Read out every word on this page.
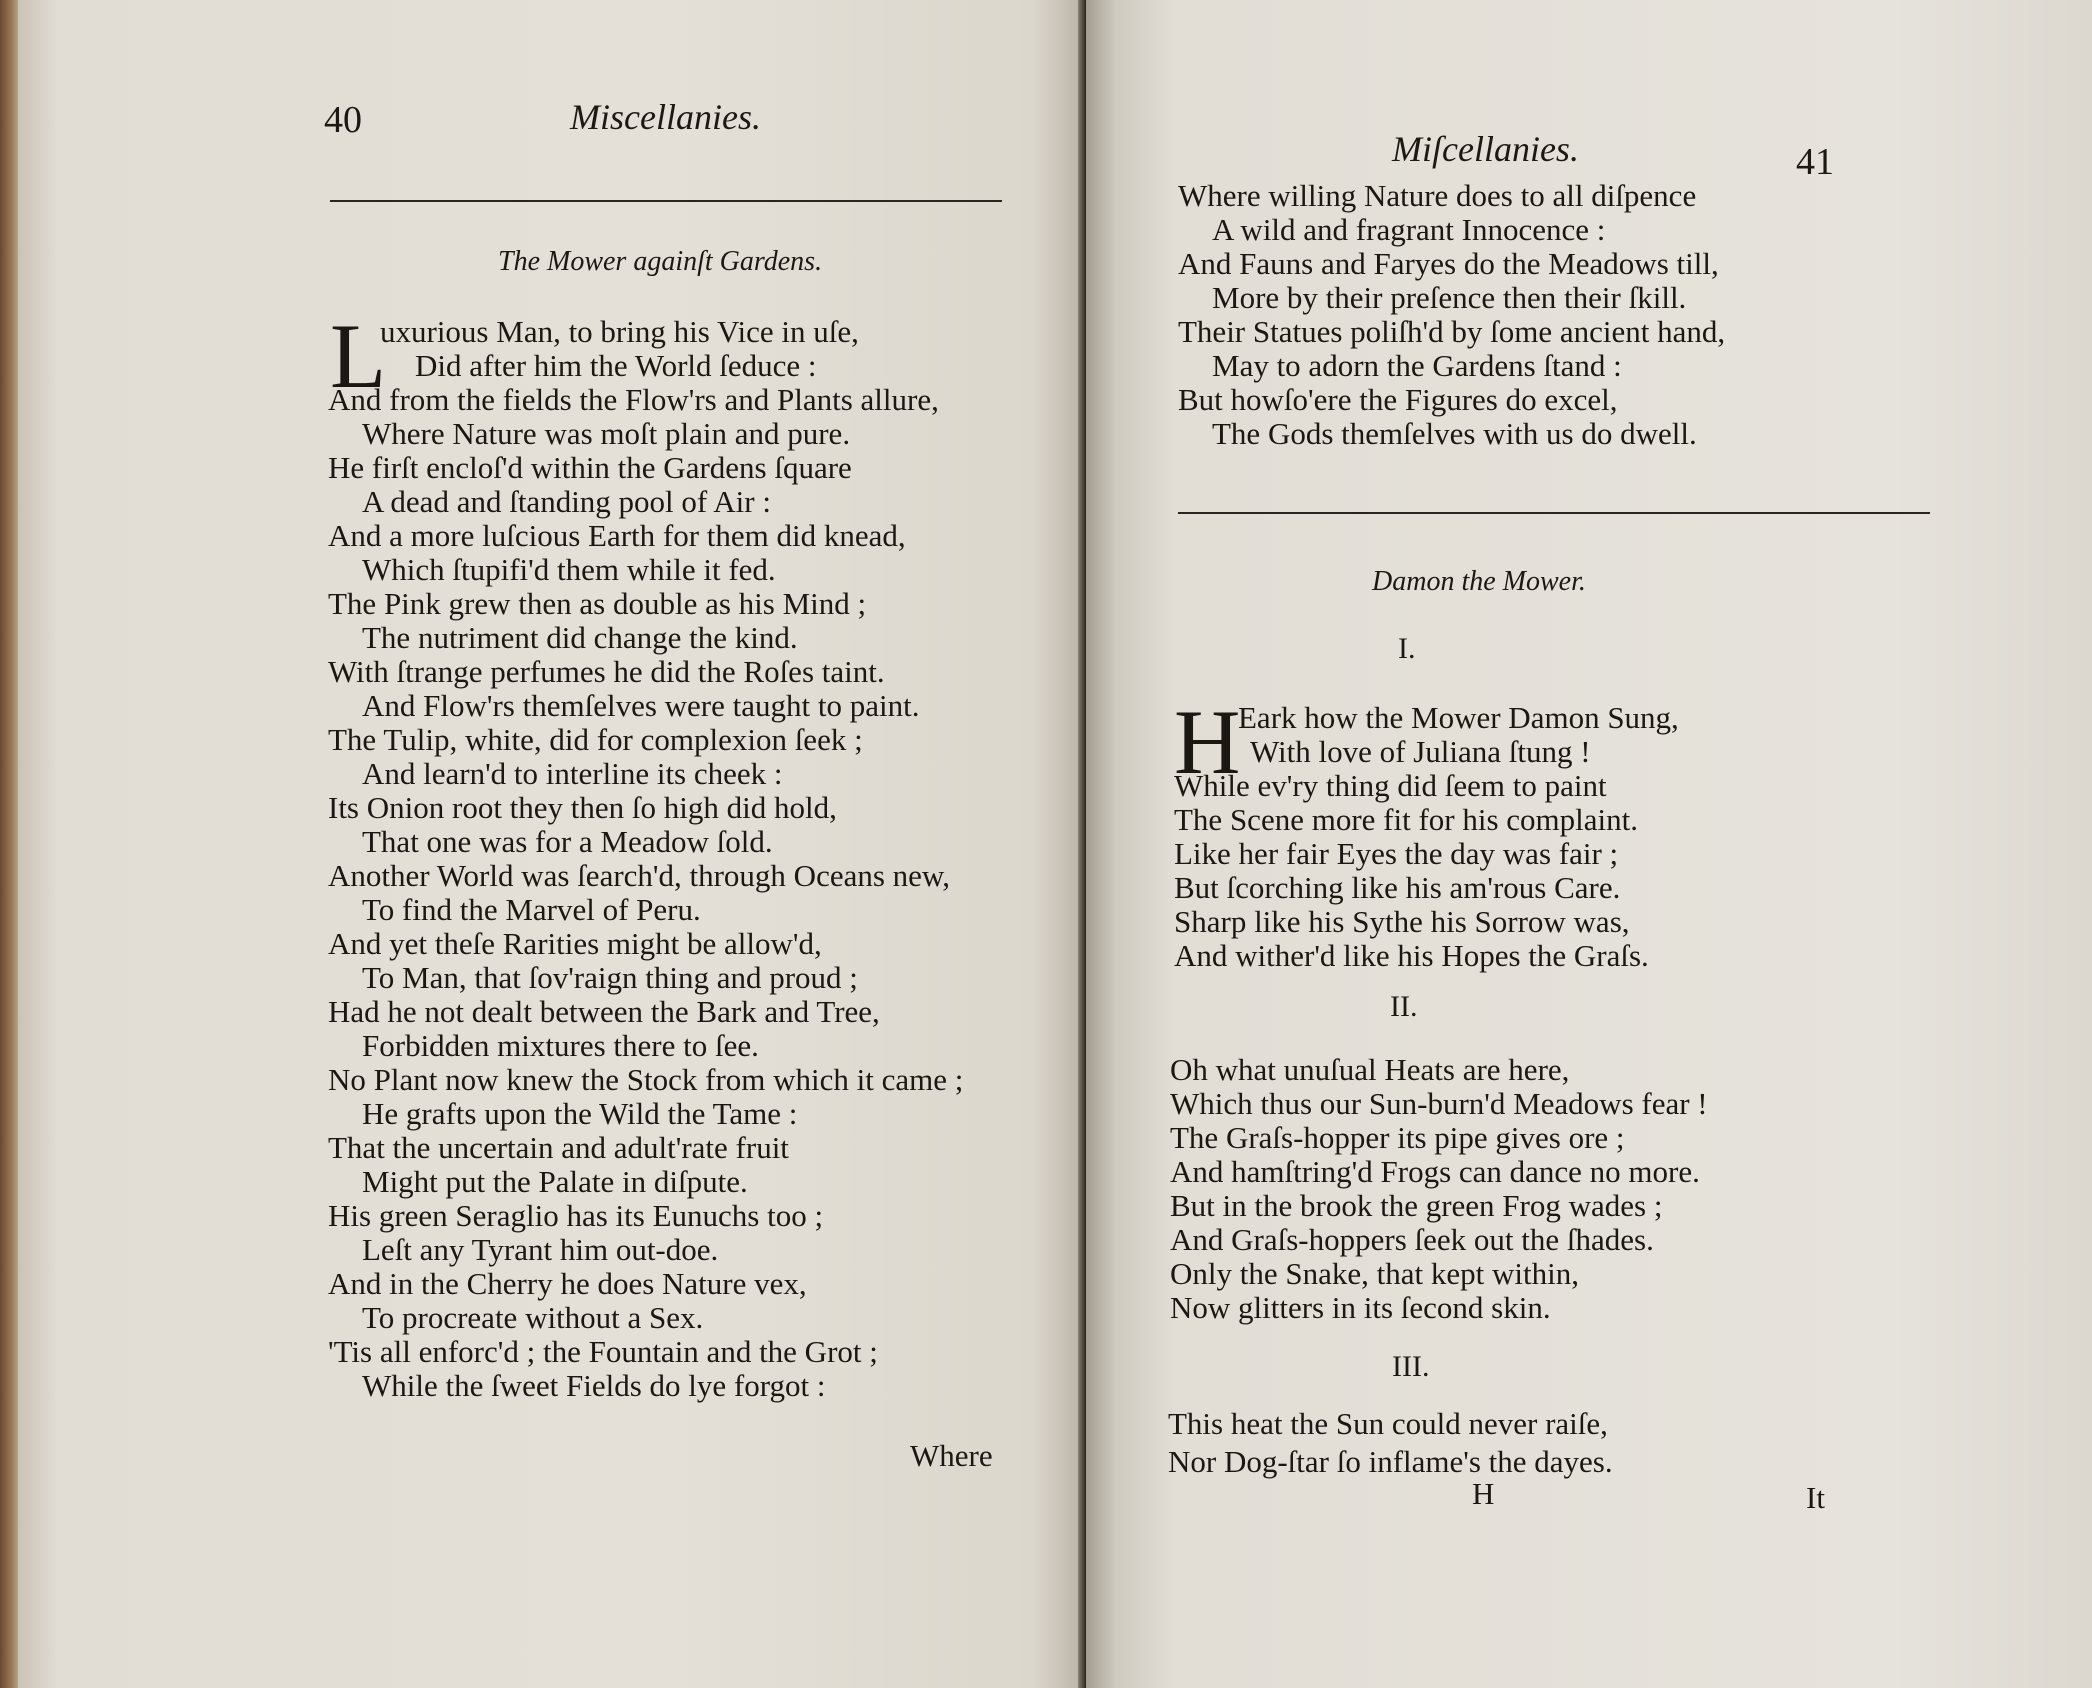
40	Miscellanies.
The Mower againſt Gardens.
L
uxurious Man, to bring his Vice in uſe,
Did after him the World ſeduce :
And from the fields the Flow'rs and Plants allure,
Where Nature was moſt plain and pure.
He firſt encloſ'd within the Gardens ſquare
A dead and ſtanding pool of Air :
And a more luſcious Earth for them did knead,
Which ſtupifi'd them while it fed.
The Pink grew then as double as his Mind ;
The nutriment did change the kind.
With ſtrange perfumes he did the Roſes taint.
And Flow'rs themſelves were taught to paint.
The Tulip, white, did for complexion ſeek ;
And learn'd to interline its cheek :
Its Onion root they then ſo high did hold,
That one was for a Meadow ſold.
Another World was ſearch'd, through Oceans new,
To find the Marvel of Peru.
And yet theſe Rarities might be allow'd,
To Man, that ſov'raign thing and proud ;
Had he not dealt between the Bark and Tree,
Forbidden mixtures there to ſee.
No Plant now knew the Stock from which it came ;
He grafts upon the Wild the Tame :
That the uncertain and adult'rate fruit
Might put the Palate in diſpute.
His green Seraglio has its Eunuchs too ;
Leſt any Tyrant him out-doe.
And in the Cherry he does Nature vex,
To procreate without a Sex.
'Tis all enforc'd ; the Fountain and the Grot ;
While the ſweet Fields do lye forgot :
Where
Miſcellanies.	41
Where willing Nature does to all diſpence
A wild and fragrant Innocence :
And Fauns and Faryes do the Meadows till,
More by their preſence then their ſkill.
Their Statues poliſh'd by ſome ancient hand,
May to adorn the Gardens ſtand :
But howſo'ere the Figures do excel,
The Gods themſelves with us do dwell.
Damon the Mower.
I.
H
Eark how the Mower Damon Sung,
With love of Juliana ſtung !
While ev'ry thing did ſeem to paint
The Scene more fit for his complaint.
Like her fair Eyes the day was fair ;
But ſcorching like his am'rous Care.
Sharp like his Sythe his Sorrow was,
And wither'd like his Hopes the Graſs.
II.
Oh what unuſual Heats are here,
Which thus our Sun-burn'd Meadows fear !
The Graſs-hopper its pipe gives ore ;
And hamſtring'd Frogs can dance no more.
But in the brook the green Frog wades ;
And Graſs-hoppers ſeek out the ſhades.
Only the Snake, that kept within,
Now glitters in its ſecond skin.
III.
This heat the Sun could never raiſe,
Nor Dog-ſtar ſo inflame's the dayes.
H	It
